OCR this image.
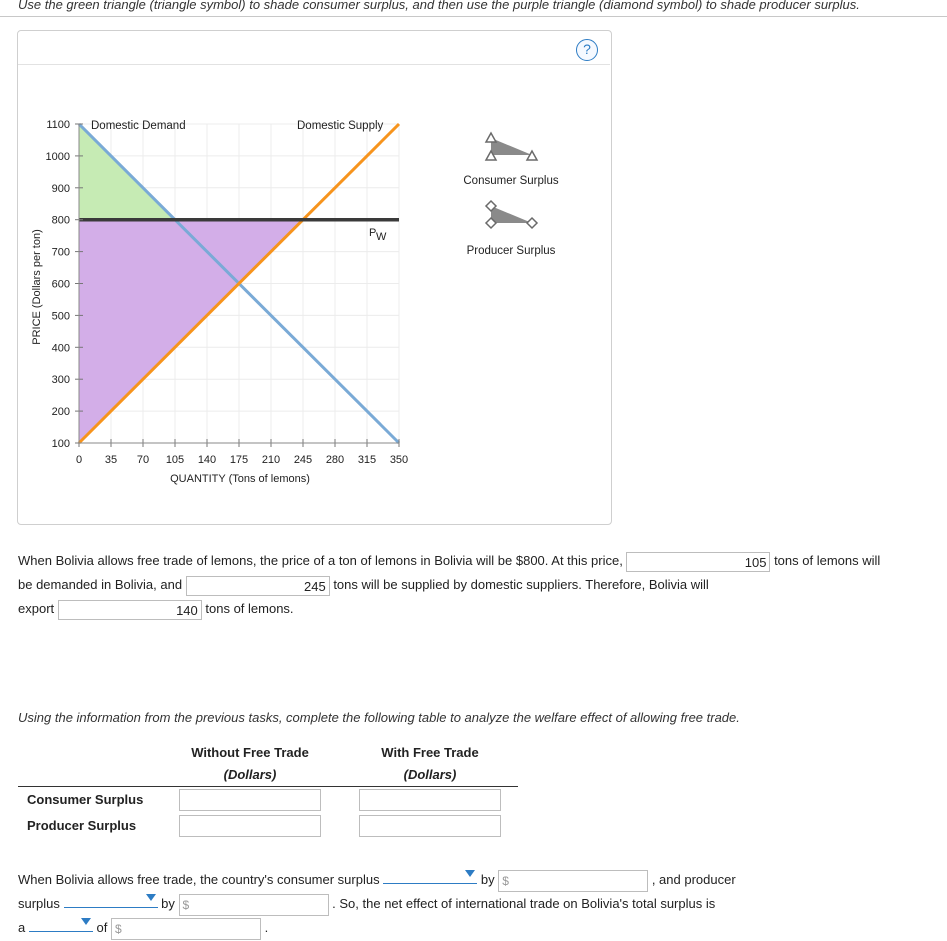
Use the green triangle (triangle symbol) to shade consumer surplus, and then use the purple triangle (diamond symbol) to shade producer surplus.
?
0 35 70 105 140 175 210 245 280 315 350
100
200
300
400
500
600
700
800
900
1000
1100
PRICE (Dollars per ton)
QUANTITY (Tons of lemons)
Domestic Demand	Domestic Supply
P W
Consumer Surplus
Producer Surplus
When Bolivia allows free trade of lemons, the price of a ton of lemons in Bolivia will be $800. At this price,	105 tons of lemons will
be demanded in Bolivia, and	245 tons will be supplied by domestic suppliers. Therefore, Bolivia will
export	140 tons of lemons.
Using the information from the previous tasks, complete the following table to analyze the welfare effect of allowing free trade.
Without Free Trade
(Dollars)
With Free Trade
(Dollars)
Consumer Surplus
Producer Surplus
When Bolivia allows free trade, the country's consumer surplus	by $	, and producer
surplus	by $	. So, the net effect of international trade on Bolivia's total surplus is
a	of $	.
